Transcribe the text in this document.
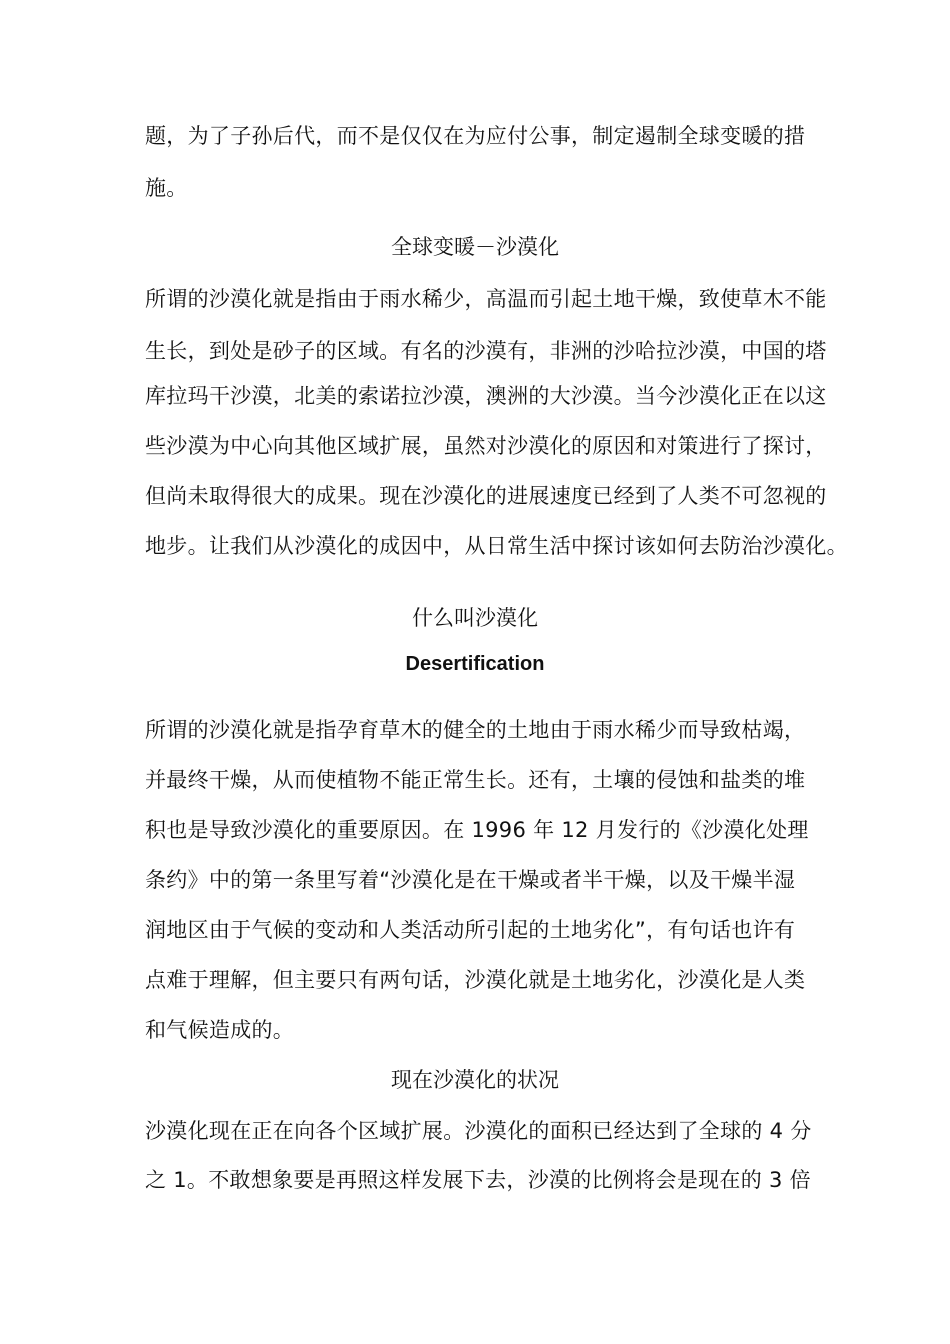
题，为了子孙后代，而不是仅仅在为应付公事，制定遏制全球变暖的措
施。
全球变暖－沙漠化
所谓的沙漠化就是指由于雨水稀少，高温而引起土地干燥，致使草木不能
生长，到处是砂子的区域。有名的沙漠有，非洲的沙哈拉沙漠，中国的塔
库拉玛干沙漠，北美的索诺拉沙漠，澳洲的大沙漠。当今沙漠化正在以这
些沙漠为中心向其他区域扩展，虽然对沙漠化的原因和对策进行了探讨，
但尚未取得很大的成果。现在沙漠化的进展速度已经到了人类不可忽视的
地步。让我们从沙漠化的成因中，从日常生活中探讨该如何去防治沙漠化。
什么叫沙漠化
Desertification
所谓的沙漠化就是指孕育草木的健全的土地由于雨水稀少而导致枯竭，
并最终干燥，从而使植物不能正常生长。还有，土壤的侵蚀和盐类的堆
积也是导致沙漠化的重要原因。在 1996 年 12 月发行的《沙漠化处理
条约》中的第一条里写着“沙漠化是在干燥或者半干燥，以及干燥半湿
润地区由于气候的变动和人类活动所引起的土地劣化”，有句话也许有
点难于理解，但主要只有两句话，沙漠化就是土地劣化，沙漠化是人类
和气候造成的。
现在沙漠化的状况
沙漠化现在正在向各个区域扩展。沙漠化的面积已经达到了全球的 4 分
之 1。不敢想象要是再照这样发展下去，沙漠的比例将会是现在的 3 倍
